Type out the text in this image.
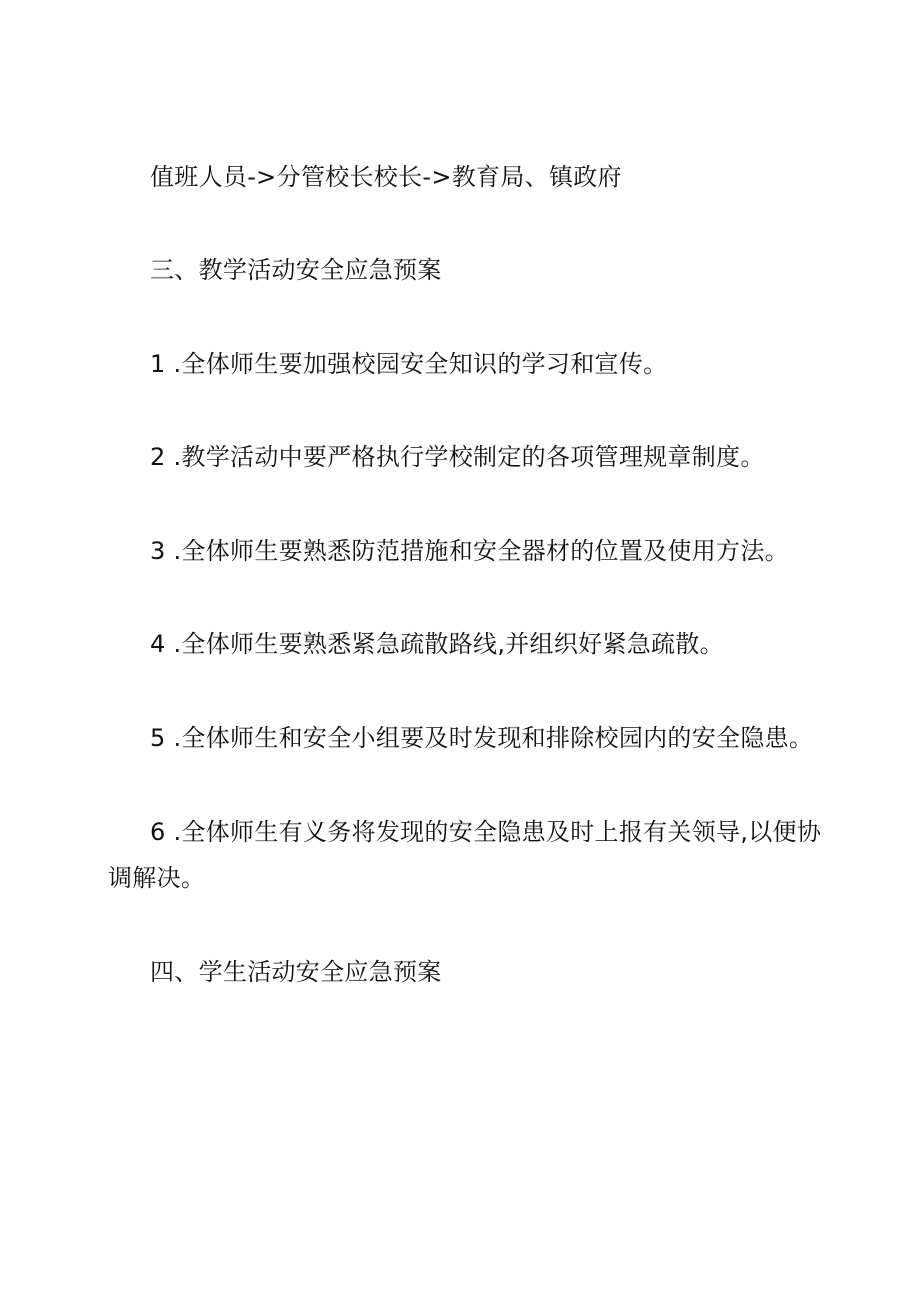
值班人员->分管校长校长->教育局、镇政府
三、教学活动安全应急预案
1 .全体师生要加强校园安全知识的学习和宣传。
2 .教学活动中要严格执行学校制定的各项管理规章制度。
3 .全体师生要熟悉防范措施和安全器材的位置及使用方法。
4 .全体师生要熟悉紧急疏散路线,并组织好紧急疏散。
5 .全体师生和安全小组要及时发现和排除校园内的安全隐患。
6 .全体师生有义务将发现的安全隐患及时上报有关领导,以便协
调解决。
四、学生活动安全应急预案
